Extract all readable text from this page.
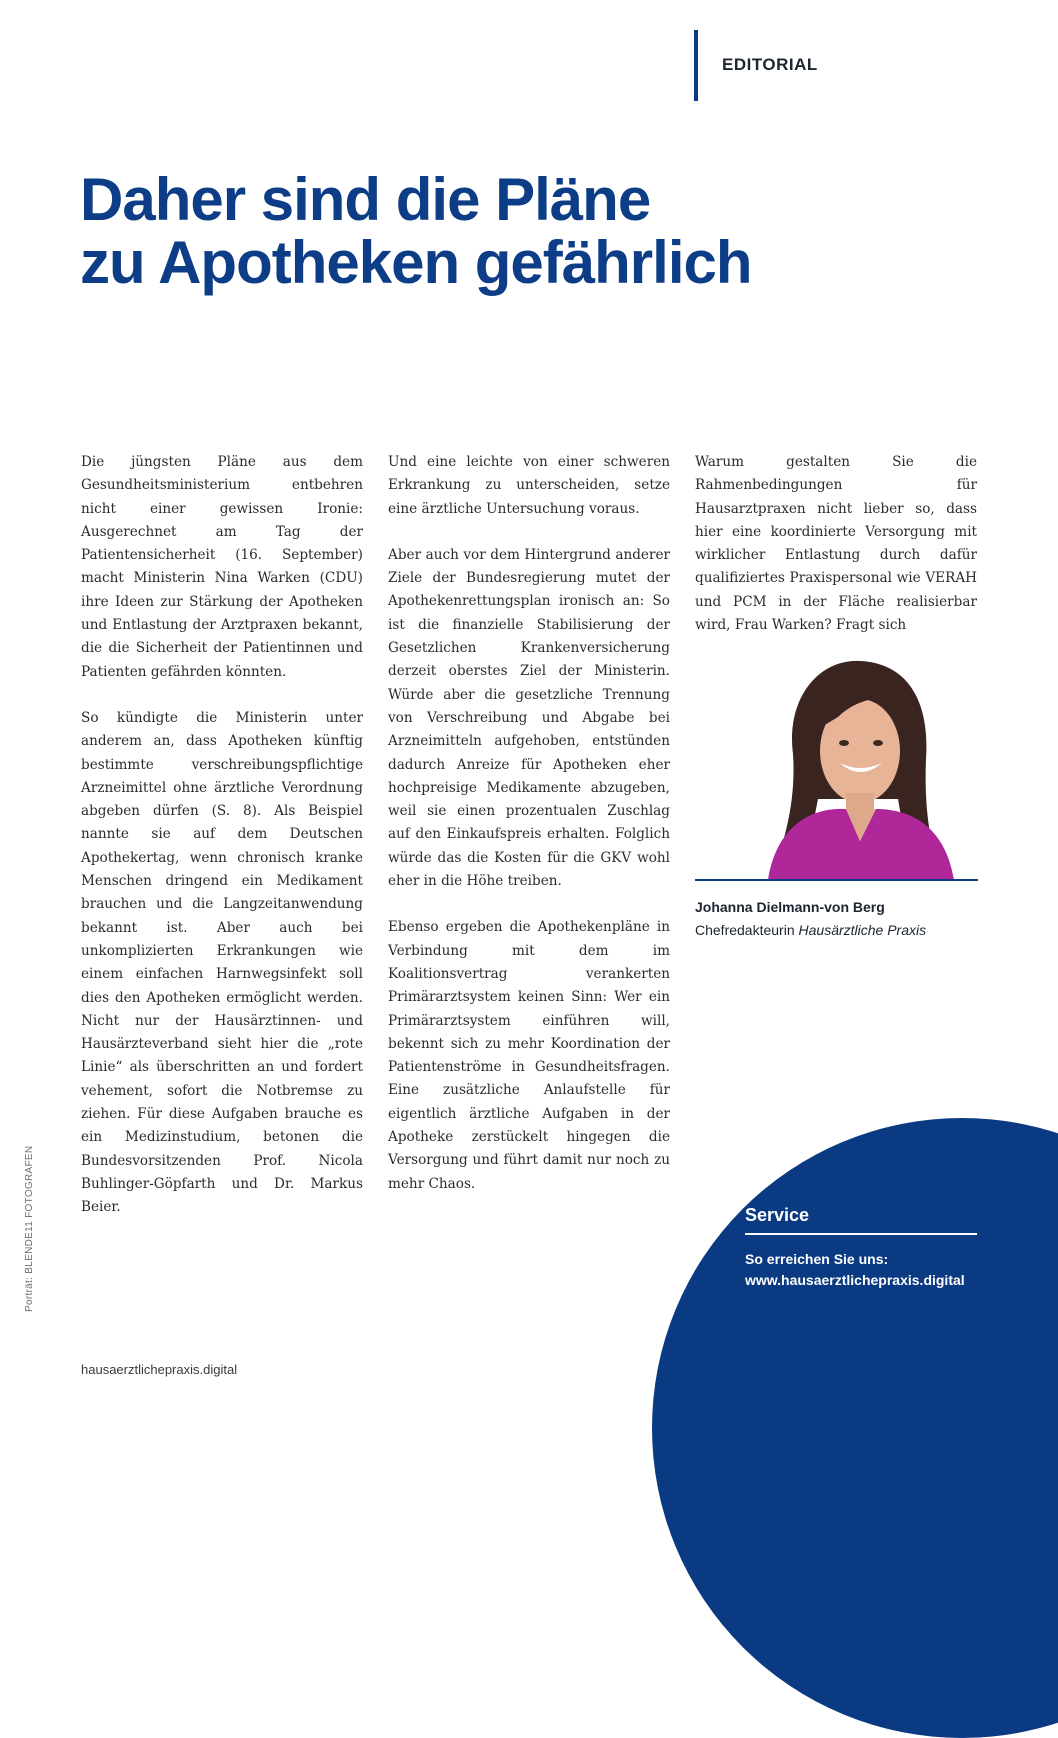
EDITORIAL
Daher sind die Pläne
zu Apotheken gefährlich

Die jüngsten Pläne aus dem Gesundheitsministerium entbehren nicht einer gewissen Ironie: Ausgerechnet am Tag der Patientensicherheit (16. September) macht Ministerin Nina Warken (CDU) ihre Ideen zur Stärkung der Apotheken und Entlastung der Arztpraxen bekannt, die die Sicherheit der Patientinnen und Patienten gefährden könnten.

So kündigte die Ministerin unter anderem an, dass Apotheken künftig bestimmte verschreibungspflichtige Arzneimittel ohne ärztliche Verordnung abgeben dürfen (S. 8). Als Beispiel nannte sie auf dem Deutschen Apothekertag, wenn chronisch kranke Menschen dringend ein Medikament brauchen und die Langzeitanwendung bekannt ist. Aber auch bei unkomplizierten Erkrankungen wie einem einfachen Harnwegsinfekt soll dies den Apotheken ermöglicht werden. Nicht nur der Hausärztinnen- und Hausärzteverband sieht hier die „rote Linie“ als überschritten an und fordert vehement, sofort die Notbremse zu ziehen. Für diese Aufgaben brauche es ein Medizinstudium, betonen die Bundesvorsitzenden Prof. Nicola Buhlinger-Göpfarth und Dr. Markus Beier.

Und eine leichte von einer schweren Erkrankung zu unterscheiden, setze eine ärztliche Untersuchung voraus.

Aber auch vor dem Hintergrund anderer Ziele der Bundesregierung mutet der Apothekenrettungsplan ironisch an: So ist die finanzielle Stabilisierung der Gesetzlichen Krankenversicherung derzeit oberstes Ziel der Ministerin. Würde aber die gesetzliche Trennung von Verschreibung und Abgabe bei Arzneimitteln aufgehoben, entstünden dadurch Anreize für Apotheken eher hochpreisige Medikamente abzugeben, weil sie einen prozentualen Zuschlag auf den Einkaufspreis erhalten. Folglich würde das die Kosten für die GKV wohl eher in die Höhe treiben.

Ebenso ergeben die Apothekenpläne in Verbindung mit dem im Koalitionsvertrag verankerten Primärarztsystem keinen Sinn: Wer ein Primärarztsystem einführen will, bekennt sich zu mehr Koordination der Patientenströme in Gesundheitsfragen. Eine zusätzliche Anlaufstelle für eigentlich ärztliche Aufgaben in der Apotheke zerstückelt hingegen die Versorgung und führt damit nur noch zu mehr Chaos.

Warum gestalten Sie die Rahmenbedingungen für Hausarztpraxen nicht lieber so, dass hier eine koordinierte Versorgung mit wirklicher Entlastung durch dafür qualifiziertes Praxispersonal wie VERAH und PCM in der Fläche realisierbar wird, Frau Warken? Fragt sich

Johanna Dielmann-von Berg
Chefredakteurin Hausärztliche Praxis
Porträt: BLENDE11 FOTOGRAFEN	Service
So erreichen Sie uns:
www.hausaerztlichepraxis.digital
hausaerztlichepraxis.digital
